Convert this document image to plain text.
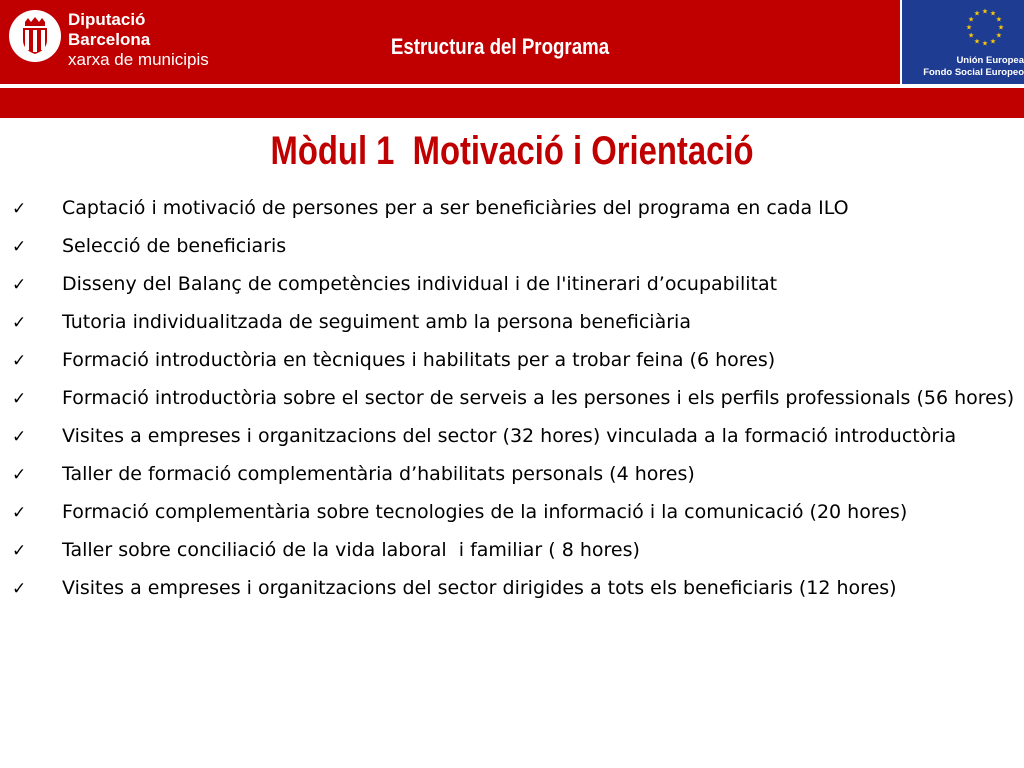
Diputació
Barcelona
xarxa de municipis
Estructura del Programa
★ ★
★
★
★
★
★
★
★
★
★
★
Unión Europea
Fondo Social Europeo
Mòdul 1  Motivació i Orientació
✓ Captació i motivació de persones per a ser beneficiàries del programa en cada ILO
✓ Selecció de beneficiaris
✓ Disseny del Balanç de competències individual i de l'itinerari d’ocupabilitat
✓ Tutoria individualitzada de seguiment amb la persona beneficiària
✓ Formació introductòria en tècniques i habilitats per a trobar feina (6 hores)
✓ Formació introductòria sobre el sector de serveis a les persones i els perfils professionals (56 hores)
✓ Visites a empreses i organitzacions del sector (32 hores) vinculada a la formació introductòria
✓ Taller de formació complementària d’habilitats personals (4 hores)
✓ Formació complementària sobre tecnologies de la informació i la comunicació (20 hores)
✓ Taller sobre conciliació de la vida laboral  i familiar ( 8 hores)
✓ Visites a empreses i organitzacions del sector dirigides a tots els beneficiaris (12 hores)
